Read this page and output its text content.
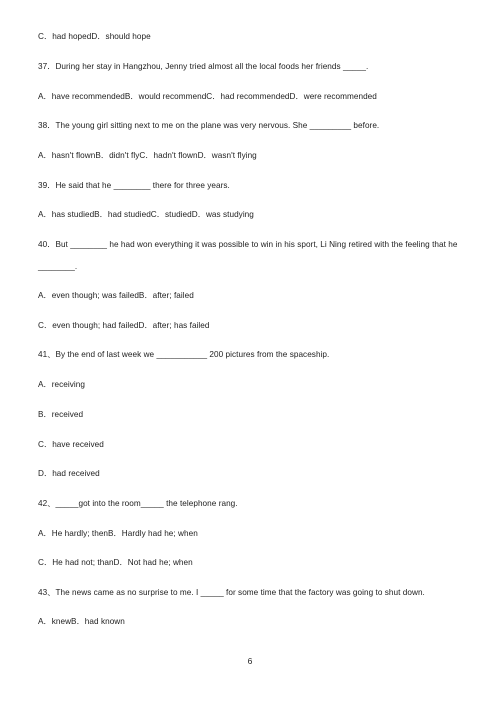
C．had hopedD．should hope
37．During her stay in Hangzhou, Jenny tried almost all the local foods her friends _____.
A．have recommendedB．would recommendC．had recommendedD．were recommended
38．The young girl sitting next to me on the plane was very nervous. She _________ before.
A．hasn't flownB．didn't flyC．hadn't flownD．wasn't flying
39．He said that he ________ there for three years.
A．has studiedB．had studiedC．studiedD．was studying
40．But ________ he had won everything it was possible to win in his sport, Li Ning retired with the feeling that he
________.
A．even though; was failedB．after; failed
C．even though; had failedD．after; has failed
41、By the end of last week we ___________ 200 pictures from the spaceship.
A．receiving
B．received
C．have received
D．had received
42、_____got into the room_____ the telephone rang.
A．He hardly; thenB．Hardly had he; when
C．He had not; thanD．Not had he; when
43、The news came as no surprise to me. I _____ for some time that the factory was going to shut down.
A．knewB．had known
6
